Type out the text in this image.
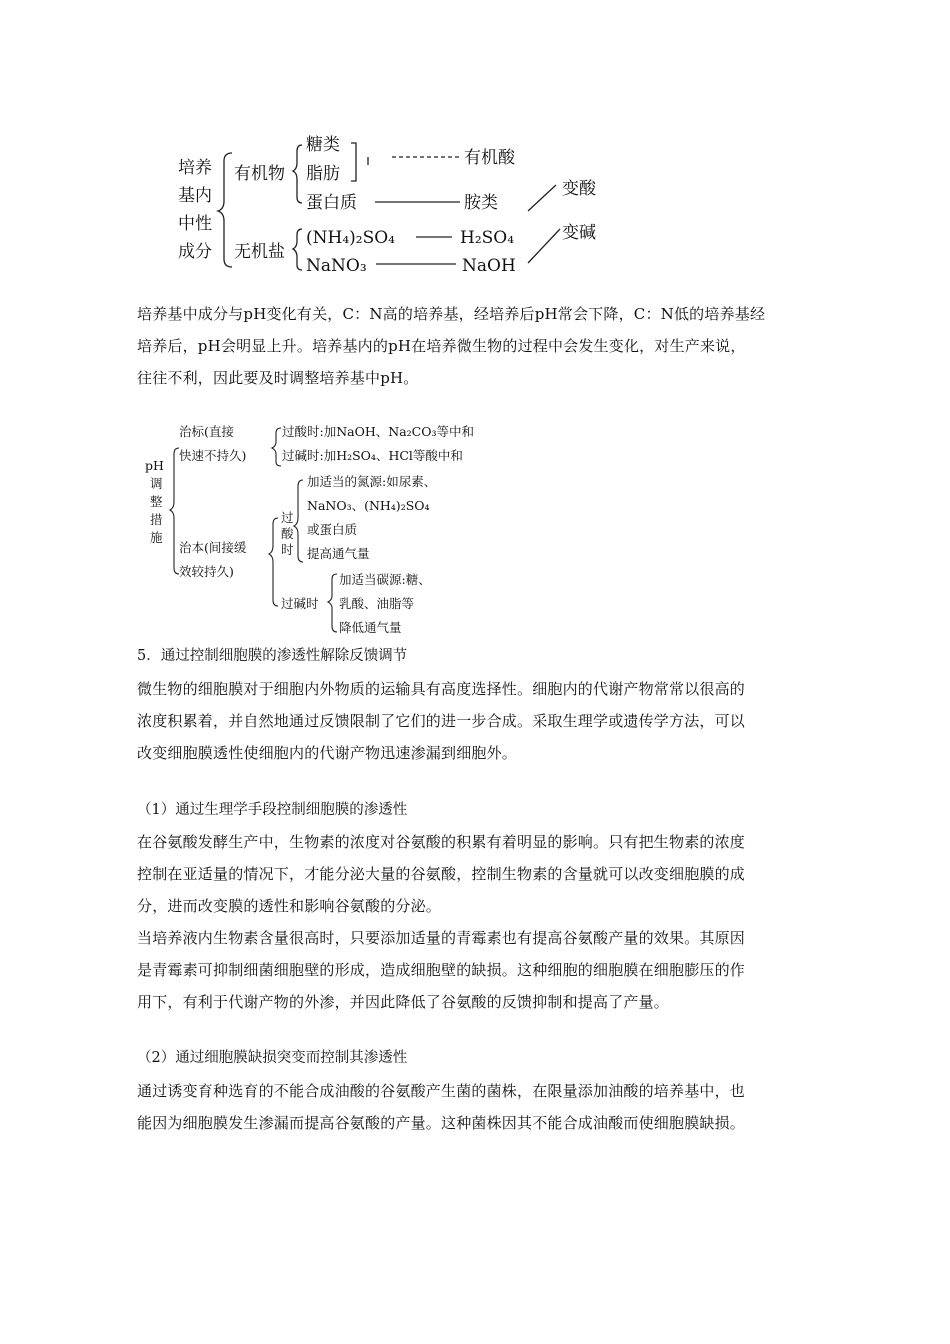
培养
基内
中性
成分
有机物
无机盐
糖类
脂肪
蛋白质
(NH₄)₂SO₄
NaNO₃
有机酸
胺类
H₂SO₄
NaOH
变酸
变碱
培养基中成分与pH变化有关，C：N高的培养基，经培养后pH常会下降，C：N低的培养基经
培养后，pH会明显上升。培养基内的pH在培养微生物的过程中会发生变化，对生产来说，
往往不利，因此要及时调整培养基中pH。
pH
调
整
措
施
治标(直接
快速不持久)
过酸时:加NaOH、Na₂CO₃等中和
过碱时:加H₂SO₄、HCl等酸中和
治本(间接缓
效较持久)
过
酸
时
加适当的氮源:如尿素、
NaNO₃、(NH₄)₂SO₄
或蛋白质
提高通气量
过碱时
加适当碳源:糖、
乳酸、油脂等
降低通气量

5．通过控制细胞膜的渗透性解除反馈调节

微生物的细胞膜对于细胞内外物质的运输具有高度选择性。细胞内的代谢产物常常以很高的
浓度积累着，并自然地通过反馈限制了它们的进一步合成。采取生理学或遗传学方法，可以
改变细胞膜透性使细胞内的代谢产物迅速渗漏到细胞外。

（1）通过生理学手段控制细胞膜的渗透性

在谷氨酸发酵生产中，生物素的浓度对谷氨酸的积累有着明显的影响。只有把生物素的浓度
控制在亚适量的情况下，才能分泌大量的谷氨酸，控制生物素的含量就可以改变细胞膜的成
分，进而改变膜的透性和影响谷氨酸的分泌。
当培养液内生物素含量很高时，只要添加适量的青霉素也有提高谷氨酸产量的效果。其原因
是青霉素可抑制细菌细胞壁的形成，造成细胞壁的缺损。这种细胞的细胞膜在细胞膨压的作
用下，有利于代谢产物的外渗，并因此降低了谷氨酸的反馈抑制和提高了产量。

（2）通过细胞膜缺损突变而控制其渗透性

通过诱变育种选育的不能合成油酸的谷氨酸产生菌的菌株，在限量添加油酸的培养基中，也
能因为细胞膜发生渗漏而提高谷氨酸的产量。这种菌株因其不能合成油酸而使细胞膜缺损。
